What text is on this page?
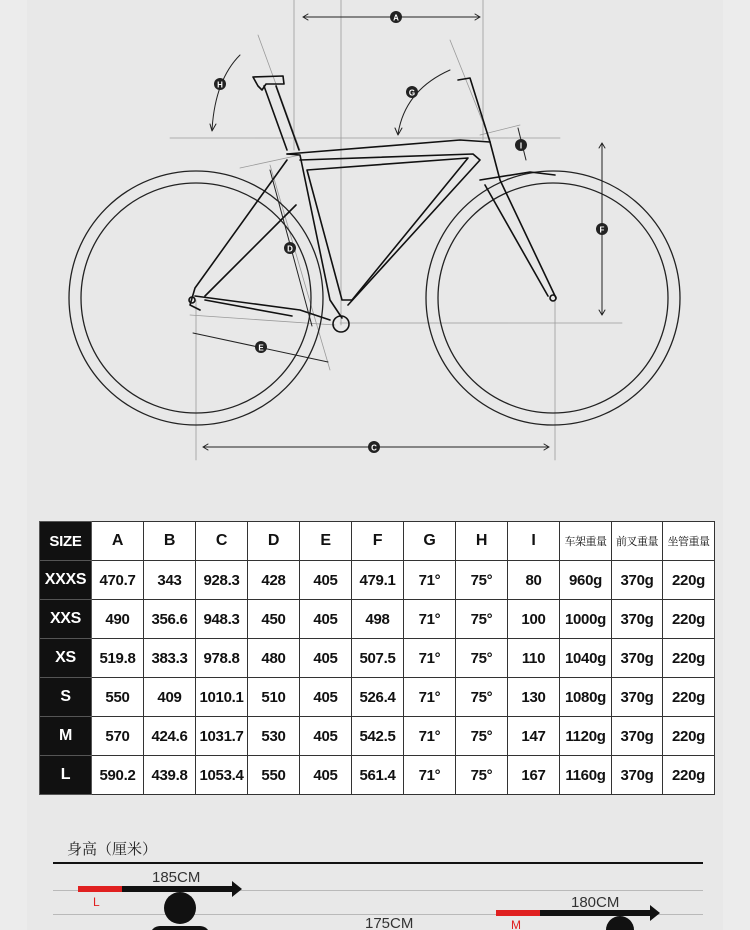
A
C
D
E
F
G
H
I
SIZE	A	B	C	D	E	F	G	H	I	车架重量	前叉重量	坐管重量
XXXS	470.7	343	928.3	428	405	479.1	71°	75°	80	960g	370g	220g
XXS	490	356.6	948.3	450	405	498	71°	75°	100	1000g	370g	220g
XS	519.8	383.3	978.8	480	405	507.5	71°	75°	110	1040g	370g	220g
S	550	409	1010.1	510	405	526.4	71°	75°	130	1080g	370g	220g
M	570	424.6	1031.7	530	405	542.5	71°	75°	147	1120g	370g	220g
L	590.2	439.8	1053.4	550	405	561.4	71°	75°	167	1160g	370g	220g
身高（厘米）
185CM
L	180CM
M
175CM
